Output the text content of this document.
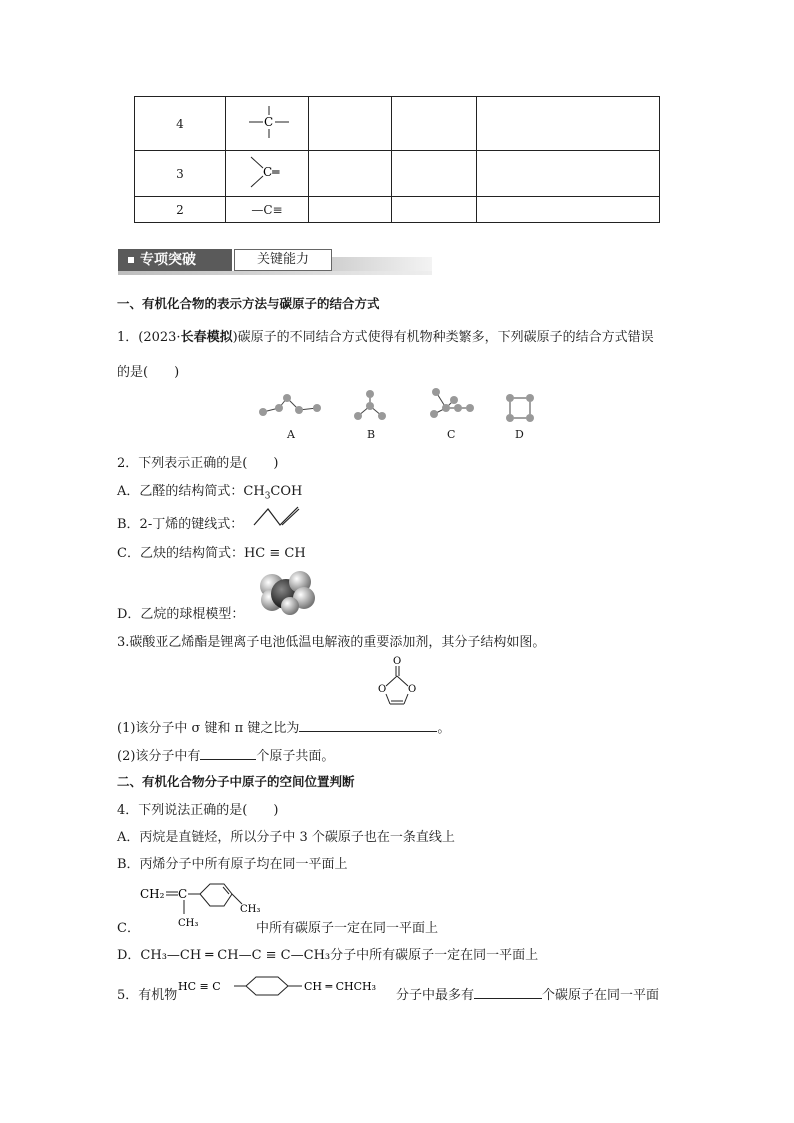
4	C			

3	C═			

2	—C≡			
专项突破	关键能力
一、有机化合物的表示方法与碳原子的结合方式
1．(2023·长春模拟)碳原子的不同结合方式使得有机物种类繁多，下列碳原子的结合方式错误
的是(　　)
A	B	C	D
2．下列表示正确的是(　　)
A．乙醛的结构简式：$CH_3COH$
B．2-丁烯的键线式：
C．乙炔的结构简式：HC ≡ CH
D．乙烷的球棍模型：
3.碳酸亚乙烯酯是锂离子电池低温电解液的重要添加剂，其分子结构如图。
O
O O
(1)该分子中 σ 键和 π 键之比为	。
(2)该分子中有	个原子共面。
二、有机化合物分子中原子的空间位置判断
4．下列说法正确的是(　　)
A．丙烷是直链烃，所以分子中 3 个碳原子也在一条直线上
B．丙烯分子中所有原子均在同一平面上
CH₂ C
CH₃
CH₃
C．	中所有碳原子一定在同一平面上
D．CH₃—CH ═ CH—C ≡ C—CH₃分子中所有碳原子一定在同一平面上
5．有机物
HC ≡ C	CH ═ CHCH₃
分子中最多有	个碳原子在同一平面
